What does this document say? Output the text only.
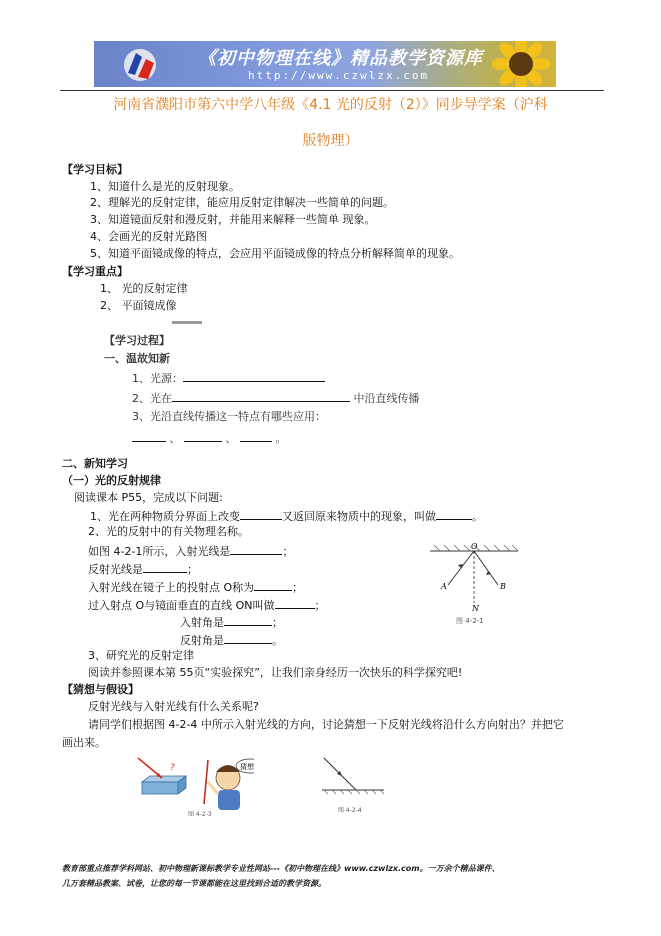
《初中物理在线》精品教学资源库
http://www.czwlzx.com
河南省濮阳市第六中学八年级《4.1 光的反射（2）》同步导学案（沪科
版物理）
【学习目标】
1、知道什么是光的反射现象。
2、理解光的反射定律，能应用反射定律解决一些简单的问题。
3、知道镜面反射和漫反射，并能用来解释一些简单 现象。
4、会画光的反射光路图
5、知道平面镜成像的特点，会应用平面镜成像的特点分析解释简单的现象。
【学习重点】
1、 光的反射定律
2、 平面镜成像
【学习过程】
一、温故知新
1、光源：
2、光在	中沿直线传播
3、光沿直线传播这一特点有哪些应用：
、	、	。
二、新知学习
（一）光的反射规律
阅读课本 P55，完成以下问题:
1、光在两种物质分界面上改变	又返回原来物质中的现象，叫做	。
2、光的反射中的有关物理名称。
如图 4-2-1所示，入射光线是	；
反射光线是	；
入射光线在镜子上的投射点 O称为	；
过入射点 O与镜面垂直的直线 ON叫做	；
入射角是	；
反射角是	。
O
A	B
N
图 4-2-1
3、研究光的反射定律
阅读并参照课本第 55页“实验探究”，让我们亲身经历一次快乐的科学探究吧!
【猜想与假设】
反射光线与入射光线有什么关系呢?
请同学们根据图 4-2-4 中所示入射光线的方向，讨论猜想一下反射光线将沿什么方向射出？并把它
画出来。
?	猜想
图 4-2-3
图 4-2-4
教育部重点推荐学科网站、初中物理新课标教学专业性网站---《初中物理在线》www.czwlzx.com。一万余个精品课件、
几万套精品教案、试卷，让您的每一节课都能在这里找到合适的教学资源。
